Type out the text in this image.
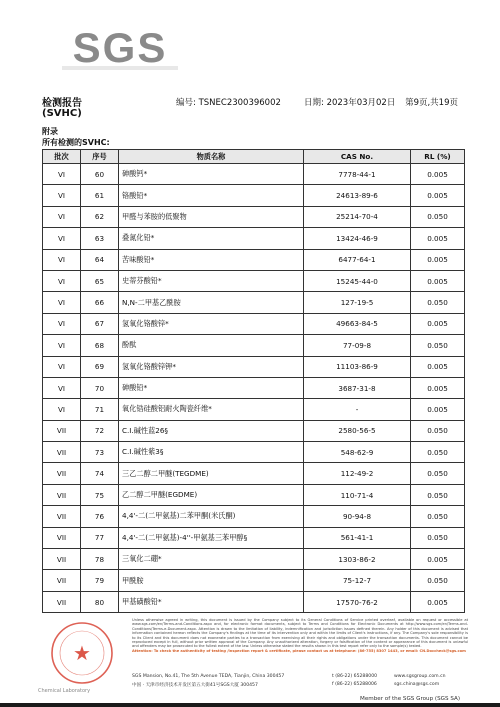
SGS
检测报告	编号: TSNEC2300396002	日期: 2023年03月02日 第9页,共19页
(SVHC)
附录
所有检测的SVHC:
批次	序号	物质名称	CAS No.	RL (%)
VI	60	砷酸钙*	7778-44-1	0.005
VI	61	铬酸铅*	24613-89-6	0.005
VI	62	甲醛与苯胺的低聚物	25214-70-4	0.050
VI	63	叠氮化铅*	13424-46-9	0.005
VI	64	苦味酸铅*	6477-64-1	0.005
VI	65	史蒂芬酸铅*	15245-44-0	0.005
VI	66	N,N-二甲基乙酰胺	127-19-5	0.050
VI	67	氢氧化铬酸锌*	49663-84-5	0.005
VI	68	酚酞	77-09-8	0.050
VI	69	氢氧化铬酸锌钾*	11103-86-9	0.005
VI	70	砷酸铅*	3687-31-8	0.005
VI	71	氧化锆硅酸铝耐火陶瓷纤维*	-	0.005
VII	72	C.I.碱性蓝26§	2580-56-5	0.050
VII	73	C.I.碱性紫3§	548-62-9	0.050
VII	74	三乙二醇二甲醚(TEGDME)	112-49-2	0.050
VII	75	乙二醇二甲醚(EGDME)	110-71-4	0.050
VII	76	4,4'-二(二甲氨基)二苯甲酮(米氏酮)	90-94-8	0.050
VII	77	4,4'-二(二甲氨基)-4''-甲氨基三苯甲醇§	561-41-1	0.050
VII	78	三氧化二硼*	1303-86-2	0.005
VII	79	甲酰胺	75-12-7	0.050
VII	80	甲基磺酸铅*	17570-76-2	0.005
★
Chemical Laboratory
Unless otherwise agreed in writing, this document is issued by the Company subject to its General Conditions of Service printed overleaf, available on request or accessible at www.sgs.com/en/Terms-and-Conditions.aspx and, for electronic format documents, subject to Terms and Conditions for Electronic Documents at http://www.sgs.com/en/Terms-and-Conditions/Terms-e-Document.aspx. Attention is drawn to the limitation of liability, indemnification and jurisdiction issues defined therein. Any holder of this document is advised that information contained hereon reflects the Company's findings at the time of its intervention only and within the limits of Client's instructions, if any. The Company's sole responsibility is to its Client and this document does not exonerate parties to a transaction from exercising all their rights and obligations under the transaction documents. This document cannot be reproduced except in full, without prior written approval of the Company. Any unauthorized alteration, forgery or falsification of the content or appearance of this document is unlawful and offenders may be prosecuted to the fullest extent of the law. Unless otherwise stated the results shown in this test report refer only to the sample(s) tested.
Attention: To check the authenticity of testing /inspection report & certificate, please contact us at telephone: (86-755) 8307 1443, or email: CN.Doccheck@sgs.com
SGS Mansion, No.41, The 5th Avenue TEDA, Tianjin, China 300457	t (86-22) 65288000	www.sgsgroup.com.cn
中国 · 天津市经济技术开发区第五大街41号SGS大厦 300457	f (86-22) 65288006	sgs.china@sgs.com
Member of the SGS Group (SGS SA)
